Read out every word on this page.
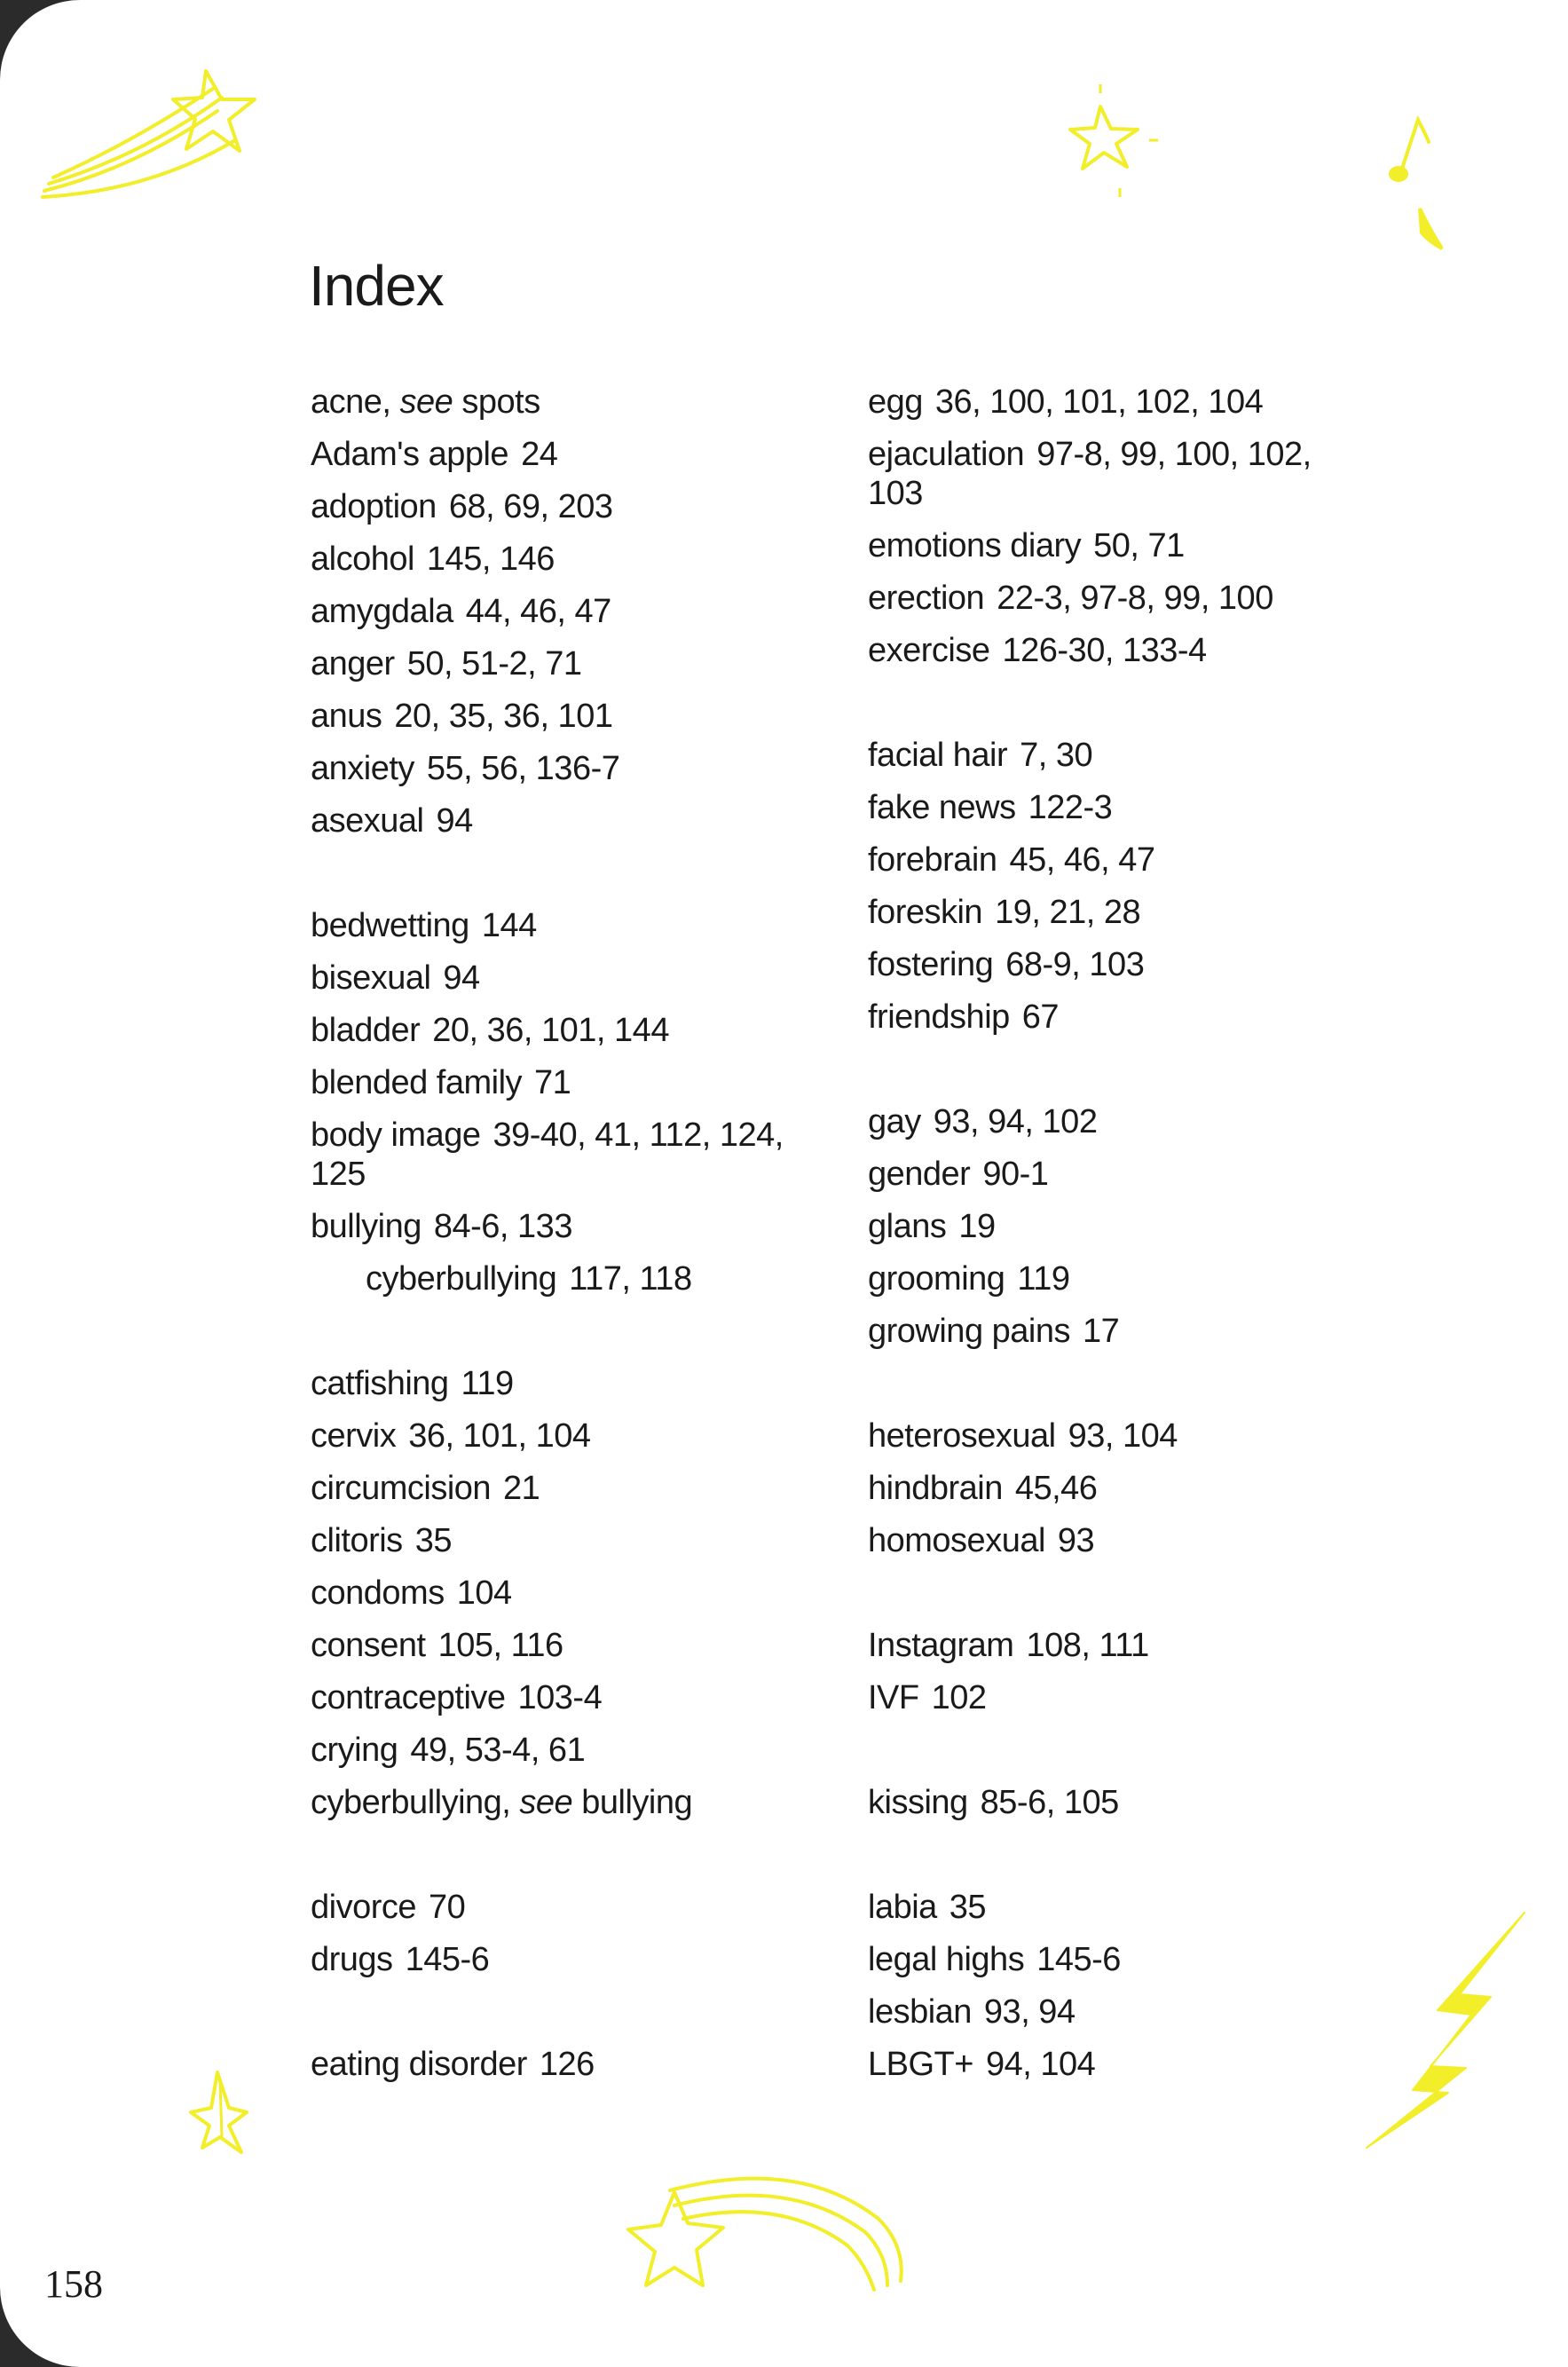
Index
acne, see spots
Adam's apple 24
adoption 68, 69, 203
alcohol 145, 146
amygdala 44, 46, 47
anger 50, 51-2, 71
anus 20, 35, 36, 101
anxiety 55, 56, 136-7
asexual 94
bedwetting 144
bisexual 94
bladder 20, 36, 101, 144
blended family 71
body image 39-40, 41, 112, 124, 125
bullying 84-6, 133
cyberbullying 117, 118
catfishing 119
cervix 36, 101, 104
circumcision 21
clitoris 35
condoms 104
consent 105, 116
contraceptive 103-4
crying 49, 53-4, 61
cyberbullying, see bullying
divorce 70
drugs 145-6
eating disorder 126
egg 36, 100, 101, 102, 104
ejaculation 97-8, 99, 100, 102, 103
emotions diary 50, 71
erection 22-3, 97-8, 99, 100
exercise 126-30, 133-4
facial hair 7, 30
fake news 122-3
forebrain 45, 46, 47
foreskin 19, 21, 28
fostering 68-9, 103
friendship 67
gay 93, 94, 102
gender 90-1
glans 19
grooming 119
growing pains 17
heterosexual 93, 104
hindbrain 45,46
homosexual 93
Instagram 108, 111
IVF 102
kissing 85-6, 105
labia 35
legal highs 145-6
lesbian 93, 94
LBGT+ 94, 104
158
